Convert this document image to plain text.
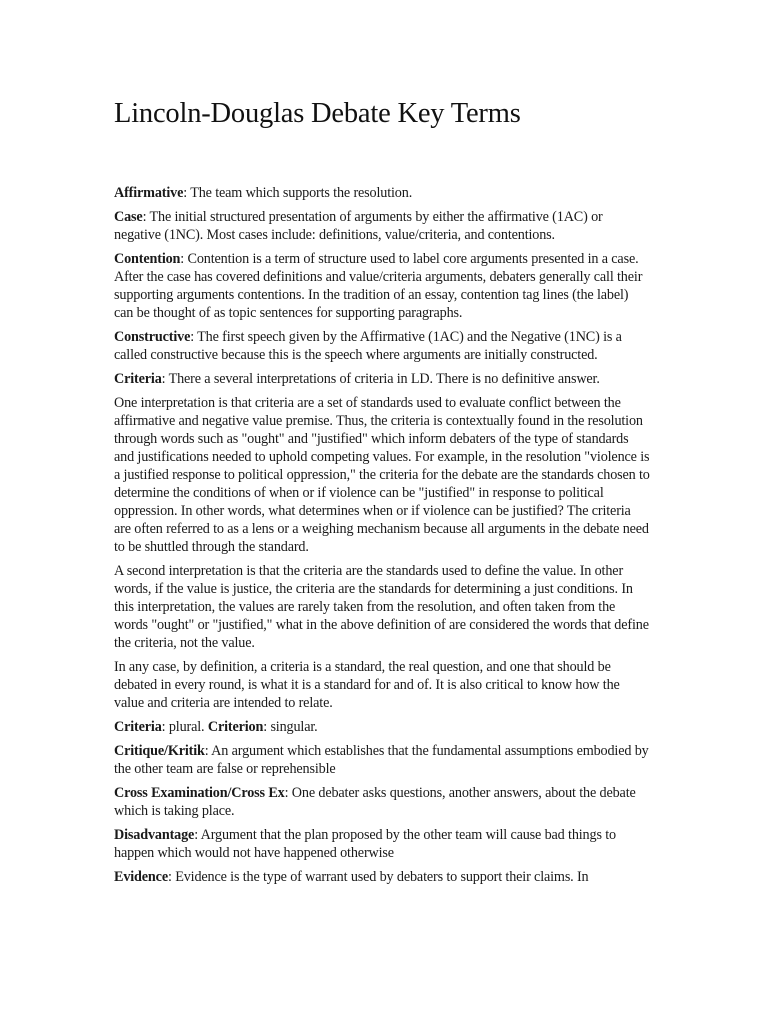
Lincoln-Douglas Debate Key Terms

Affirmative: The team which supports the resolution.

Case: The initial structured presentation of arguments by either the affirmative (1AC) or negative (1NC). Most cases include: definitions, value/criteria, and contentions.

Contention: Contention is a term of structure used to label core arguments presented in a case. After the case has covered definitions and value/criteria arguments, debaters generally call their supporting arguments contentions. In the tradition of an essay, contention tag lines (the label) can be thought of as topic sentences for supporting paragraphs.

Constructive: The first speech given by the Affirmative (1AC) and the Negative (1NC) is a called constructive because this is the speech where arguments are initially constructed.

Criteria: There a several interpretations of criteria in LD. There is no definitive answer.

One interpretation is that criteria are a set of standards used to evaluate conflict between the affirmative and negative value premise. Thus, the criteria is contextually found in the resolution through words such as "ought" and "justified" which inform debaters of the type of standards and justifications needed to uphold competing values. For example, in the resolution "violence is a justified response to political oppression," the criteria for the debate are the standards chosen to determine the conditions of when or if violence can be "justified" in response to political oppression. In other words, what determines when or if violence can be justified? The criteria are often referred to as a lens or a weighing mechanism because all arguments in the debate need to be shuttled through the standard.

A second interpretation is that the criteria are the standards used to define the value. In other words, if the value is justice, the criteria are the standards for determining a just conditions. In this interpretation, the values are rarely taken from the resolution, and often taken from the words "ought" or "justified," what in the above definition of are considered the words that define the criteria, not the value.

In any case, by definition, a criteria is a standard, the real question, and one that should be debated in every round, is what it is a standard for and of. It is also critical to know how the value and criteria are intended to relate.

Criteria: plural. Criterion: singular.

Critique/Kritik: An argument which establishes that the fundamental assumptions embodied by the other team are false or reprehensible

Cross Examination/Cross Ex: One debater asks questions, another answers, about the debate which is taking place.

Disadvantage: Argument that the plan proposed by the other team will cause bad things to happen which would not have happened otherwise

Evidence: Evidence is the type of warrant used by debaters to support their claims. In
